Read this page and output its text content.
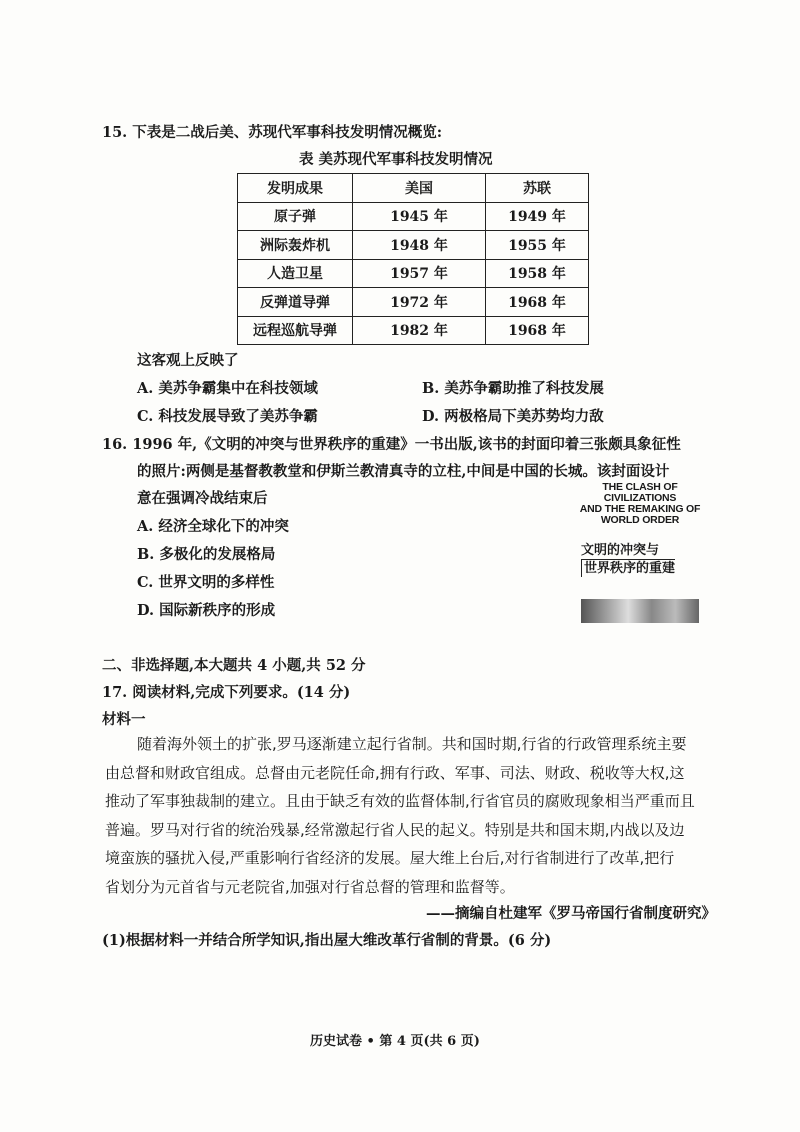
15. 下表是二战后美、苏现代军事科技发明情况概览:
表 美苏现代军事科技发明情况
发明成果	美国	苏联
原子弹	1945 年	1949 年
洲际轰炸机	1948 年	1955 年
人造卫星	1957 年	1958 年
反弹道导弹	1972 年	1968 年
远程巡航导弹	1982 年	1968 年
这客观上反映了
A. 美苏争霸集中在科技领域	B. 美苏争霸助推了科技发展
C. 科技发展导致了美苏争霸	D. 两极格局下美苏势均力敌
16. 1996 年,《文明的冲突与世界秩序的重建》一书出版,该书的封面印着三张颇具象征性
的照片:两侧是基督教教堂和伊斯兰教清真寺的立柱,中间是中国的长城。该封面设计
意在强调冷战结束后
A. 经济全球化下的冲突
B. 多极化的发展格局
C. 世界文明的多样性
D. 国际新秩序的形成
THE CLASH OF CIVILIZATIONS
AND THE REMAKING OF
WORLD ORDER
文明的冲突与
世界秩序的重建
二、非选择题,本大题共 4 小题,共 52 分
17. 阅读材料,完成下列要求。(14 分)
材料一
随着海外领土的扩张,罗马逐渐建立起行省制。共和国时期,行省的行政管理系统主要
由总督和财政官组成。总督由元老院任命,拥有行政、军事、司法、财政、税收等大权,这
推动了军事独裁制的建立。且由于缺乏有效的监督体制,行省官员的腐败现象相当严重而且
普遍。罗马对行省的统治残暴,经常激起行省人民的起义。特别是共和国末期,内战以及边
境蛮族的骚扰入侵,严重影响行省经济的发展。屋大维上台后,对行省制进行了改革,把行
省划分为元首省与元老院省,加强对行省总督的管理和监督等。
——摘编自杜建军《罗马帝国行省制度研究》
(1)根据材料一并结合所学知识,指出屋大维改革行省制的背景。(6 分)
历史试卷 • 第 4 页(共 6 页)
